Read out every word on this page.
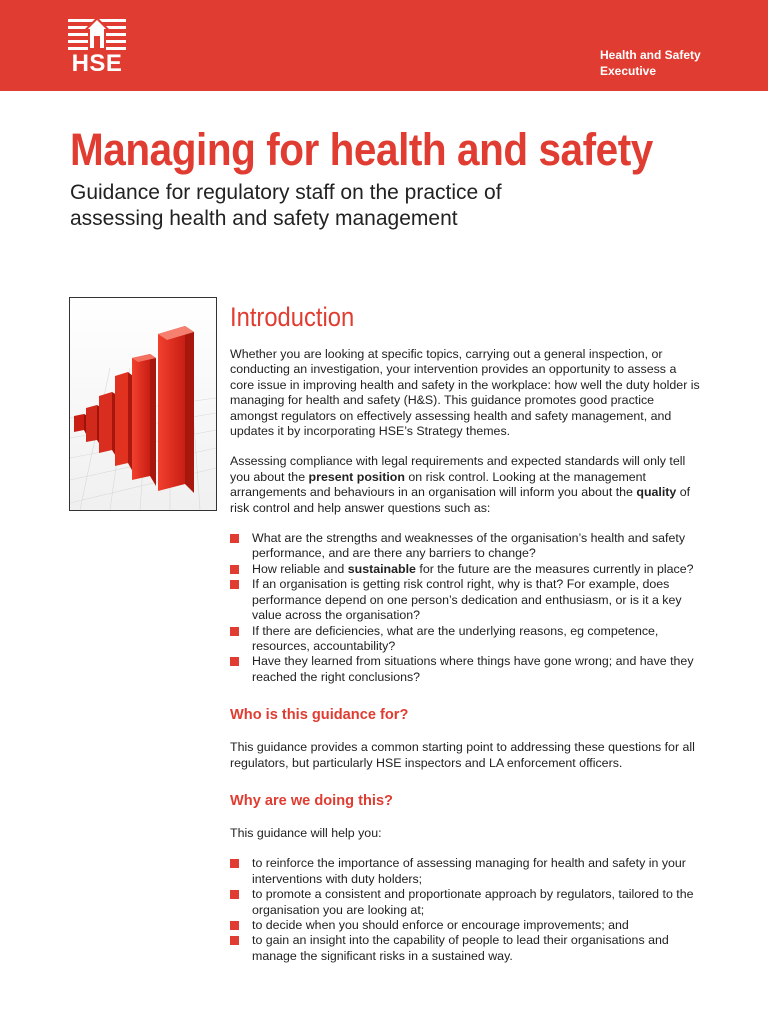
HSE	Health and Safety
Executive
Managing for health and safety
Guidance for regulatory staff on the practice of
assessing health and safety management
Introduction

Whether you are looking at specific topics, carrying out a general inspection, or conducting an investigation, your intervention provides an opportunity to assess a core issue in improving health and safety in the workplace: how well the duty holder is managing for health and safety (H&S). This guidance promotes good practice amongst regulators on effectively assessing health and safety management, and updates it by incorporating HSE’s Strategy themes.

Assessing compliance with legal requirements and expected standards will only tell you about the present position on risk control. Looking at the management arrangements and behaviours in an organisation will inform you about the quality of risk control and help answer questions such as:

What are the strengths and weaknesses of the organisation’s health and safety performance, and are there any barriers to change?
How reliable and sustainable for the future are the measures currently in place?
If an organisation is getting risk control right, why is that? For example, does performance depend on one person’s dedication and enthusiasm, or is it a key value across the organisation?
If there are deficiencies, what are the underlying reasons, eg competence, resources, accountability?
Have they learned from situations where things have gone wrong; and have they reached the right conclusions?
Who is this guidance for?

This guidance provides a common starting point to addressing these questions for all regulators, but particularly HSE inspectors and LA enforcement officers.

Why are we doing this?

This guidance will help you:

to reinforce the importance of assessing managing for health and safety in your interventions with duty holders;
to promote a consistent and proportionate approach by regulators, tailored to the organisation you are looking at;
to decide when you should enforce or encourage improvements; and
to gain an insight into the capability of people to lead their organisations and manage the significant risks in a sustained way.
